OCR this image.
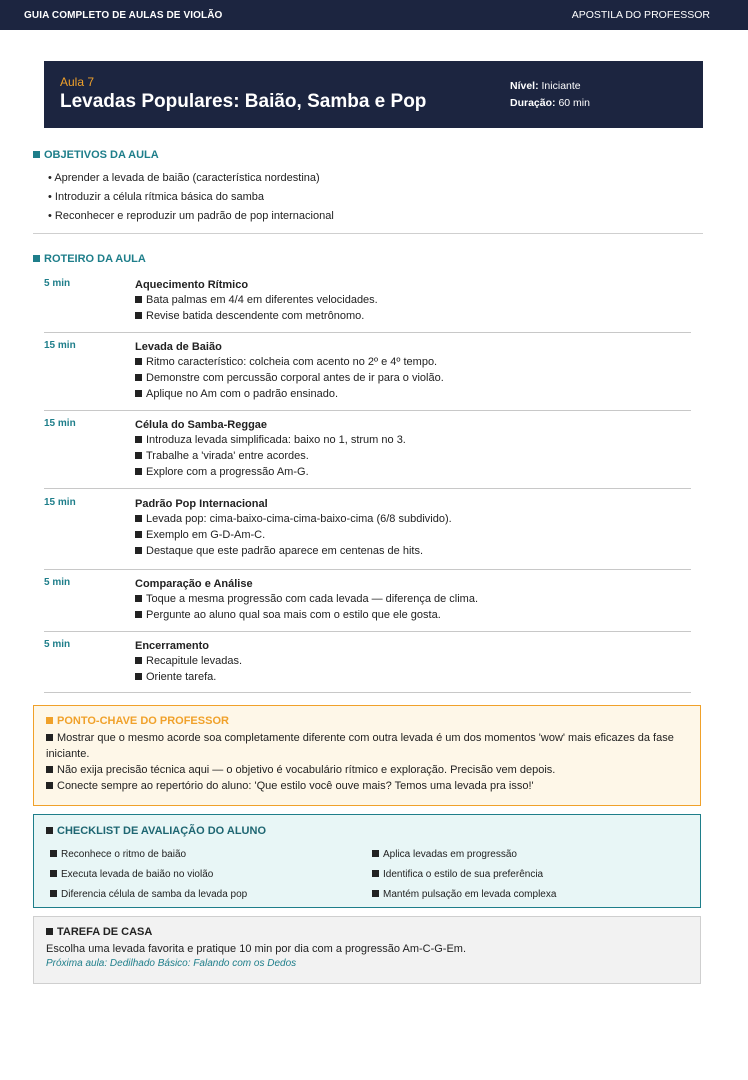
GUIA COMPLETO DE AULAS DE VIOLÃO	APOSTILA DO PROFESSOR
Aula 7
Levadas Populares: Baião, Samba e Pop
Nível: Iniciante
Duração: 60 min
OBJETIVOS DA AULA
• Aprender a levada de baião (característica nordestina)
• Introduzir a célula rítmica básica do samba
• Reconhecer e reproduzir um padrão de pop internacional
ROTEIRO DA AULA
5 min	Aquecimento Rítmico
Bata palmas em 4/4 em diferentes velocidades.
Revise batida descendente com metrônomo.
15 min	Levada de Baião
Ritmo característico: colcheia com acento no 2º e 4º tempo.
Demonstre com percussão corporal antes de ir para o violão.
Aplique no Am com o padrão ensinado.
15 min	Célula do Samba-Reggae
Introduza levada simplificada: baixo no 1, strum no 3.
Trabalhe a 'virada' entre acordes.
Explore com a progressão Am-G.
15 min	Padrão Pop Internacional
Levada pop: cima-baixo-cima-cima-baixo-cima (6/8 subdivido).
Exemplo em G-D-Am-C.
Destaque que este padrão aparece em centenas de hits.
5 min	Comparação e Análise
Toque a mesma progressão com cada levada — diferença de clima.
Pergunte ao aluno qual soa mais com o estilo que ele gosta.
5 min	Encerramento
Recapitule levadas.
Oriente tarefa.
PONTO-CHAVE DO PROFESSOR
Mostrar que o mesmo acorde soa completamente diferente com outra levada é um dos momentos 'wow' mais eficazes da fase iniciante.
Não exija precisão técnica aqui — o objetivo é vocabulário rítmico e exploração. Precisão vem depois.
Conecte sempre ao repertório do aluno: 'Que estilo você ouve mais? Temos uma levada pra isso!'
CHECKLIST DE AVALIAÇÃO DO ALUNO
Reconhece o ritmo de baião	Aplica levadas em progressão
Executa levada de baião no violão	Identifica o estilo de sua preferência
Diferencia célula de samba da levada pop	Mantém pulsação em levada complexa
TAREFA DE CASA
Escolha uma levada favorita e pratique 10 min por dia com a progressão Am-C-G-Em.
Próxima aula: Dedilhado Básico: Falando com os Dedos
